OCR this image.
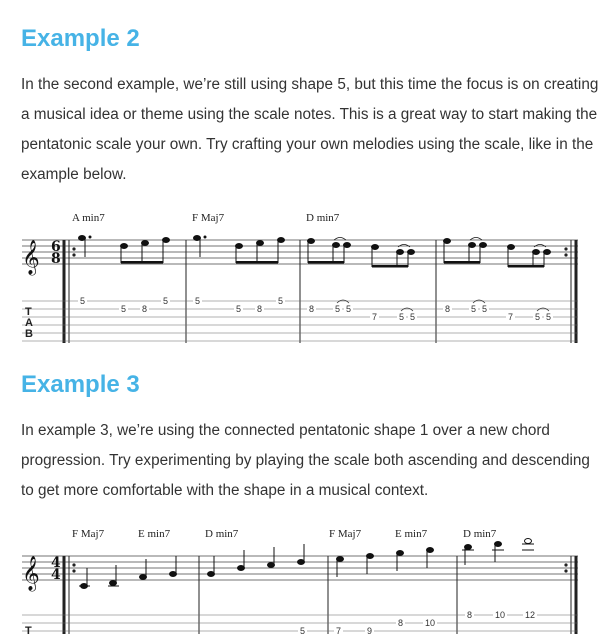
Example 2

In the second example, we’re still using shape 5, but this time the focus is on creating
a musical idea or theme using the scale notes. This is a great way to start making the
pentatonic scale your own. Try crafting your own melodies using the scale, like in the
example below.

A min7	F Maj7	D min7
𝄞 6
8
T
A
B
5
5 8
5	5
5 8
5
8 5 5
7 5 5
8 5 5
7 5 5
Example 3

In example 3, we’re using the connected pentatonic shape 1 over a new chord
progression. Try experimenting by playing the scale both ascending and descending
to get more comfortable with the shape in a musical context.

F Maj7	E min7	D min7	F Maj7	E min7	D min7
𝄞 4
4
T	5	7	9
8 10
8	10 12
